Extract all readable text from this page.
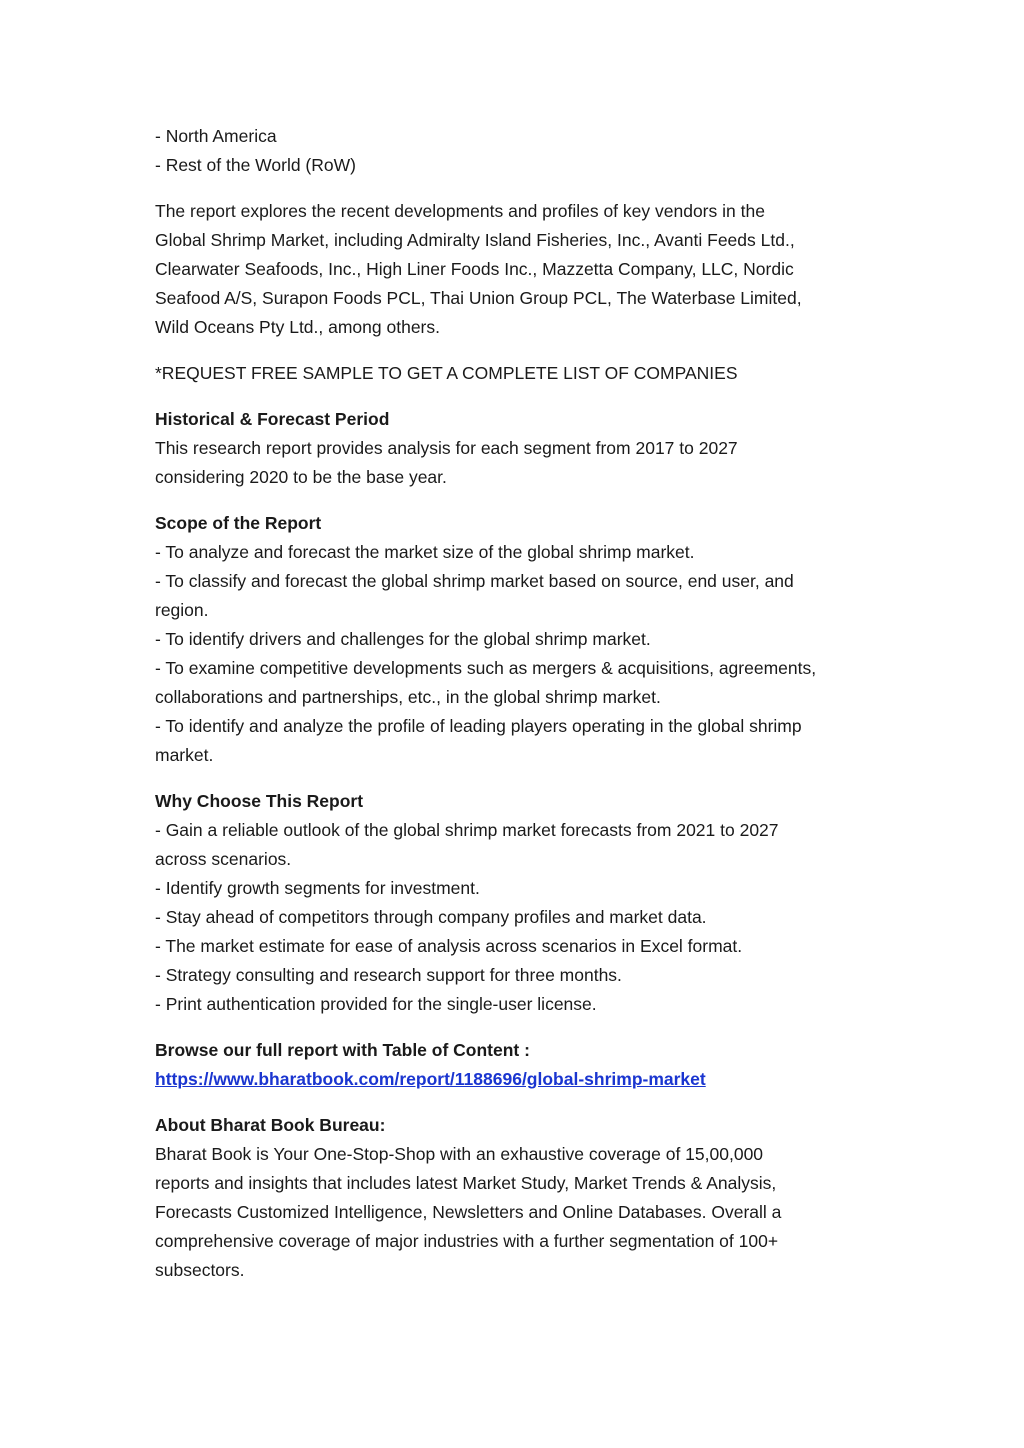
- North America
- Rest of the World (RoW)
The report explores the recent developments and profiles of key vendors in the
Global Shrimp Market, including Admiralty Island Fisheries, Inc., Avanti Feeds Ltd.,
Clearwater Seafoods, Inc., High Liner Foods Inc., Mazzetta Company, LLC, Nordic
Seafood A/S, Surapon Foods PCL, Thai Union Group PCL, The Waterbase Limited,
Wild Oceans Pty Ltd., among others.
*REQUEST FREE SAMPLE TO GET A COMPLETE LIST OF COMPANIES
Historical & Forecast Period
This research report provides analysis for each segment from 2017 to 2027
considering 2020 to be the base year.
Scope of the Report
- To analyze and forecast the market size of the global shrimp market.
- To classify and forecast the global shrimp market based on source, end user, and
region.
- To identify drivers and challenges for the global shrimp market.
- To examine competitive developments such as mergers & acquisitions, agreements,
collaborations and partnerships, etc., in the global shrimp market.
- To identify and analyze the profile of leading players operating in the global shrimp
market.
Why Choose This Report
- Gain a reliable outlook of the global shrimp market forecasts from 2021 to 2027
across scenarios.
- Identify growth segments for investment.
- Stay ahead of competitors through company profiles and market data.
- The market estimate for ease of analysis across scenarios in Excel format.
- Strategy consulting and research support for three months.
- Print authentication provided for the single-user license.
Browse our full report with Table of Content :
https://www.bharatbook.com/report/1188696/global-shrimp-market
About Bharat Book Bureau:
Bharat Book is Your One-Stop-Shop with an exhaustive coverage of 15,00,000
reports and insights that includes latest Market Study, Market Trends & Analysis,
Forecasts Customized Intelligence, Newsletters and Online Databases. Overall a
comprehensive coverage of major industries with a further segmentation of 100+
subsectors.
